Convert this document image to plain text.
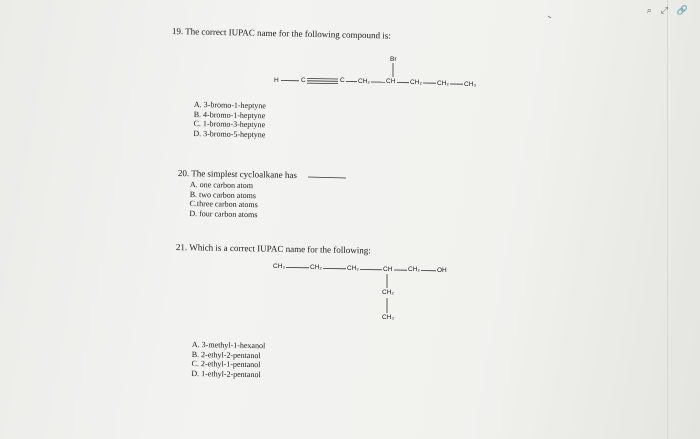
⌕ ⤢ 🔗
19. The correct IUPAC name for the following compound is:
Br
H	C	C CH₂ CH CH₂ CH₂ CH₃
A. 3-bromo-1-heptyne
B. 4-bromo-1-heptyne
C. 1-bromo-3-heptyne
D. 3-bromo-5-heptyne
20. The simplest cycloalkane has
A. one carbon atom
B. two carbon atoms
C.three carbon atoms
D. four carbon atoms
21. Which is a correct IUPAC name for the following:
CH₃	CH₂	CH₂	CH CH₂	OH
CH₂
CH₃
A. 3-methyl-1-hexanol
B. 2-ethyl-2-pentanol
C. 2-ethyl-1-pentanol
D. 1-ethyl-2-pentanol
